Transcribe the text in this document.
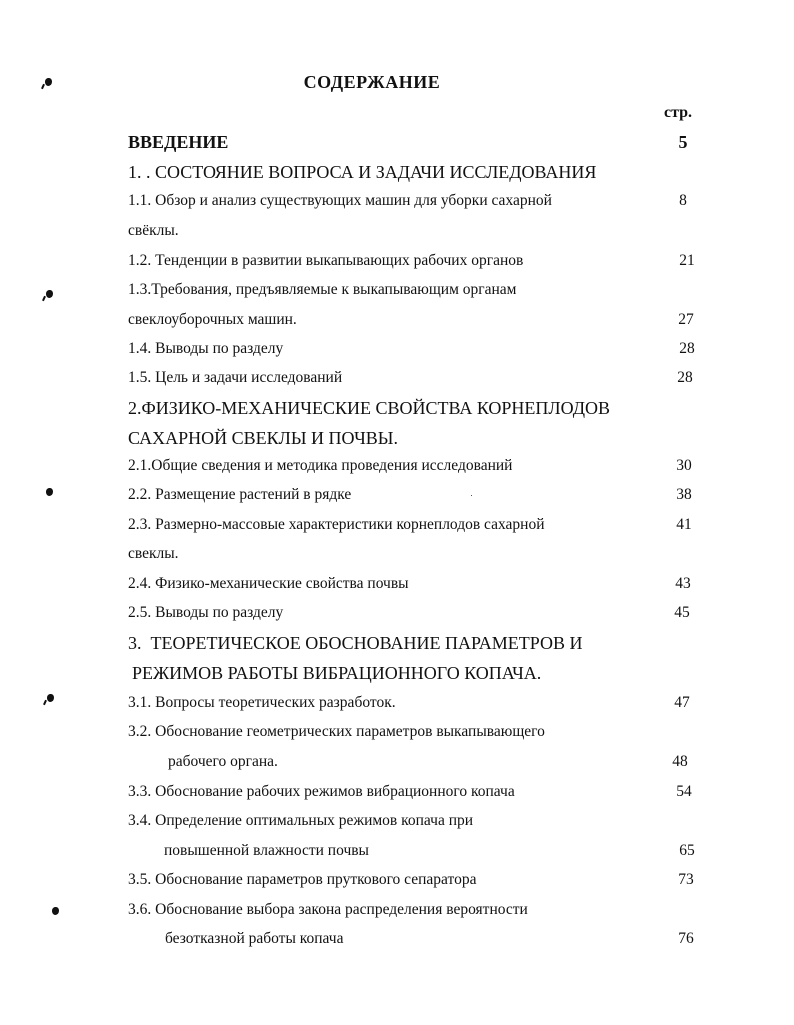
СОДЕРЖАНИЕ
стр.
ВВЕДЕНИЕ	5
1. . СОСТОЯНИЕ ВОПРОСА И ЗАДАЧИ ИССЛЕДОВАНИЯ
1.1. Обзор и анализ существующих машин для уборки сахарной	8
свёклы.
1.2. Тенденции в развитии выкапывающих рабочих органов	21
1.3.Требования, предъявляемые к выкапывающим органам
свеклоуборочных машин.	27
1.4. Выводы по разделу	28
1.5. Цель и задачи исследований	28
2.ФИЗИКО-МЕХАНИЧЕСКИЕ СВОЙСТВА КОРНЕПЛОДОВ
САХАРНОЙ СВЕКЛЫ И ПОЧВЫ.
2.1.Общие сведения и методика проведения исследований	30
2.2. Размещение растений в рядке	38
2.3. Размерно-массовые характеристики корнеплодов сахарной	41
свеклы.
2.4. Физико-механические свойства почвы	43
2.5. Выводы по разделу	45
3.  ТЕОРЕТИЧЕСКОЕ ОБОСНОВАНИЕ ПАРАМЕТРОВ И
РЕЖИМОВ РАБОТЫ ВИБРАЦИОННОГО КОПАЧА.
3.1. Вопросы теоретических разработок.	47
3.2. Обоснование геометрических параметров выкапывающего
рабочего органа.	48
3.3. Обоснование рабочих режимов вибрационного копача	54
3.4. Определение оптимальных режимов копача при
повышенной влажности почвы	65
3.5. Обоснование параметров пруткового сепаратора	73
3.6. Обоснование выбора закона распределения вероятности
безотказной работы копача	76
